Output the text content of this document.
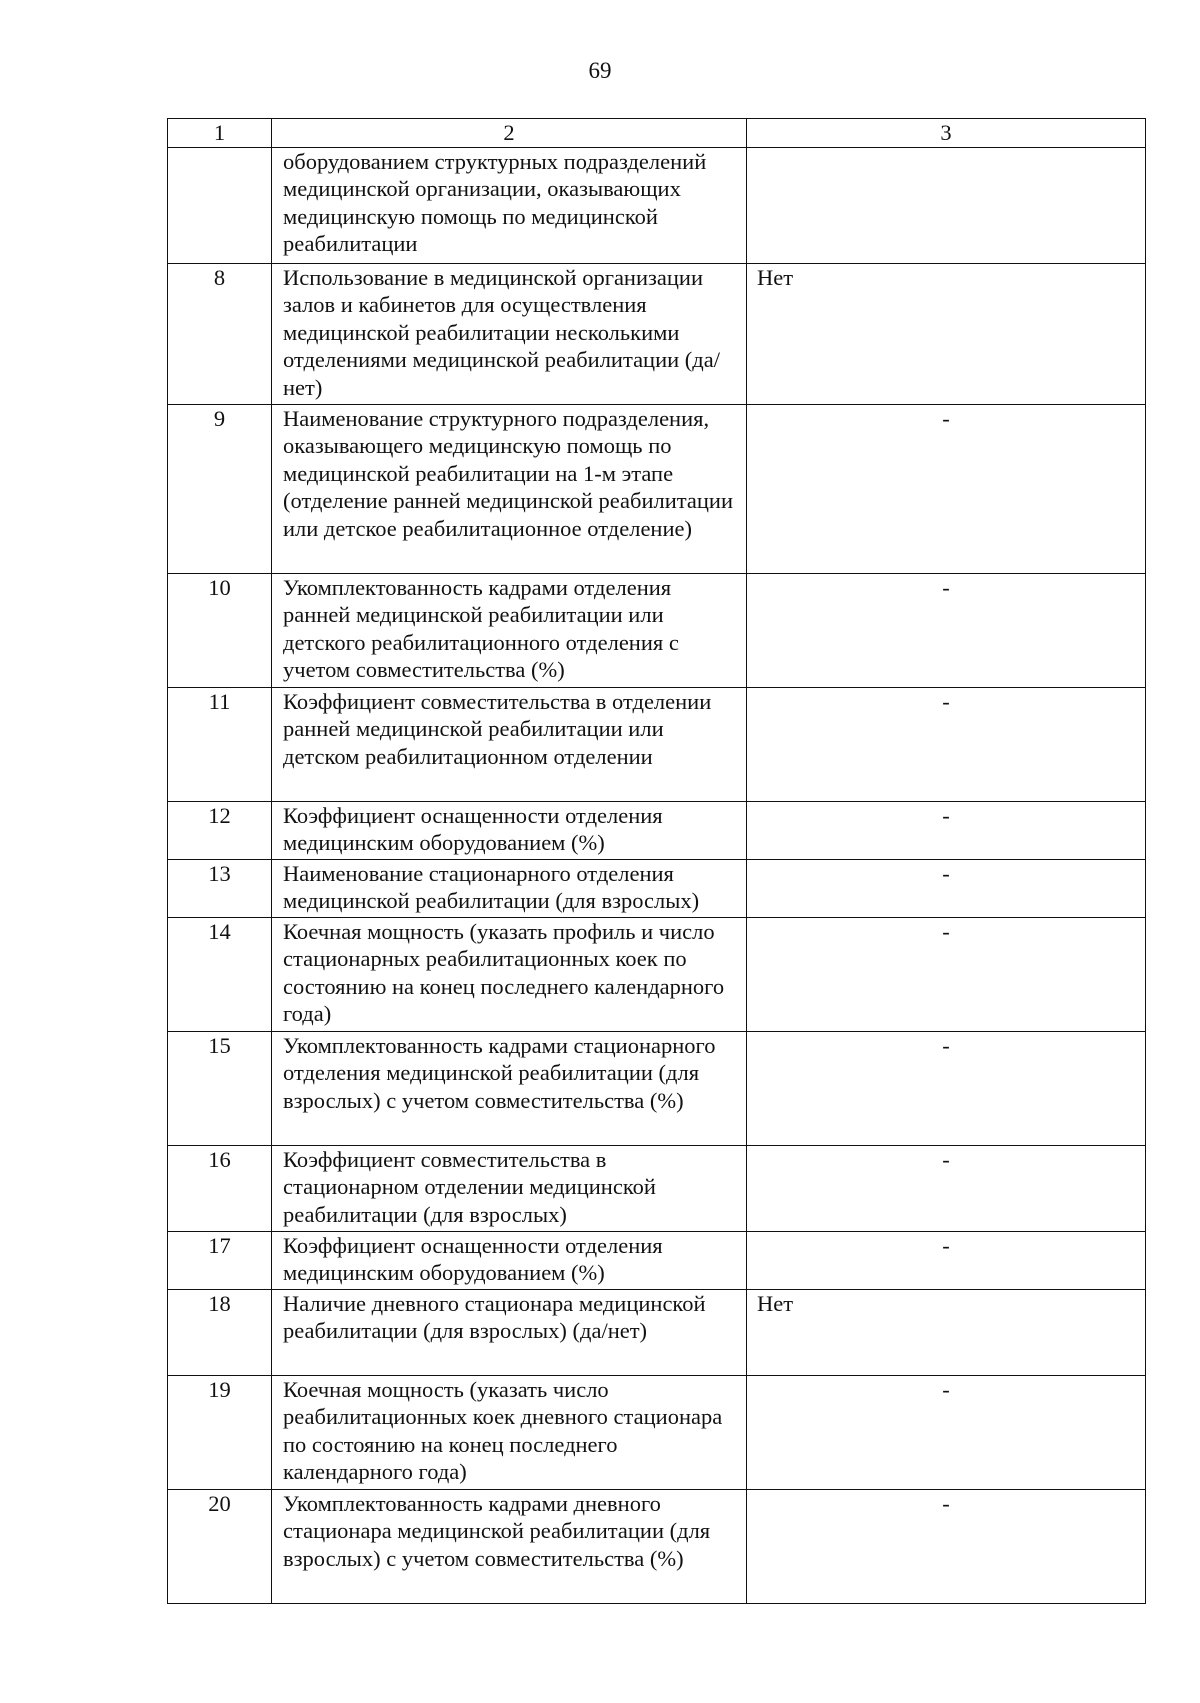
69
1	2	3
	оборудованием структурных подразделений медицинской организации, оказывающих медицинскую помощь по медицинской реабилитации	
8	Использование в медицинской организации залов и кабинетов для осуществления медицинской реабилитации несколькими отделениями медицинской реабилитации (да/нет)	Нет
9	Наименование структурного подразделения, оказывающего медицинскую помощь по медицинской реабилитации на 1-м этапе (отделение ранней медицинской реабилитации или детское реабилитационное отделение)	-
10	Укомплектованность кадрами отделения ранней медицинской реабилитации или детского реабилитационного отделения с учетом совместительства (%)	-
11	Коэффициент совместительства в отделении ранней медицинской реабилитации или детском реабилитационном отделении	-
12	Коэффициент оснащенности отделения медицинским оборудованием (%)	-
13	Наименование стационарного отделения медицинской реабилитации (для взрослых)	-
14	Коечная мощность (указать профиль и число стационарных реабилитационных коек по состоянию на конец последнего календарного года)	-
15	Укомплектованность кадрами стационарного отделения медицинской реабилитации (для взрослых) с учетом совместительства (%)	-
16	Коэффициент совместительства в стационарном отделении медицинской реабилитации (для взрослых)	-
17	Коэффициент оснащенности отделения медицинским оборудованием (%)	-
18	Наличие дневного стационара медицинской реабилитации (для взрослых) (да/нет)	Нет
19	Коечная мощность (указать число реабилитационных коек дневного стационара по состоянию на конец последнего календарного года)	-
20	Укомплектованность кадрами дневного стационара медицинской реабилитации (для взрослых) с учетом совместительства (%)	-
